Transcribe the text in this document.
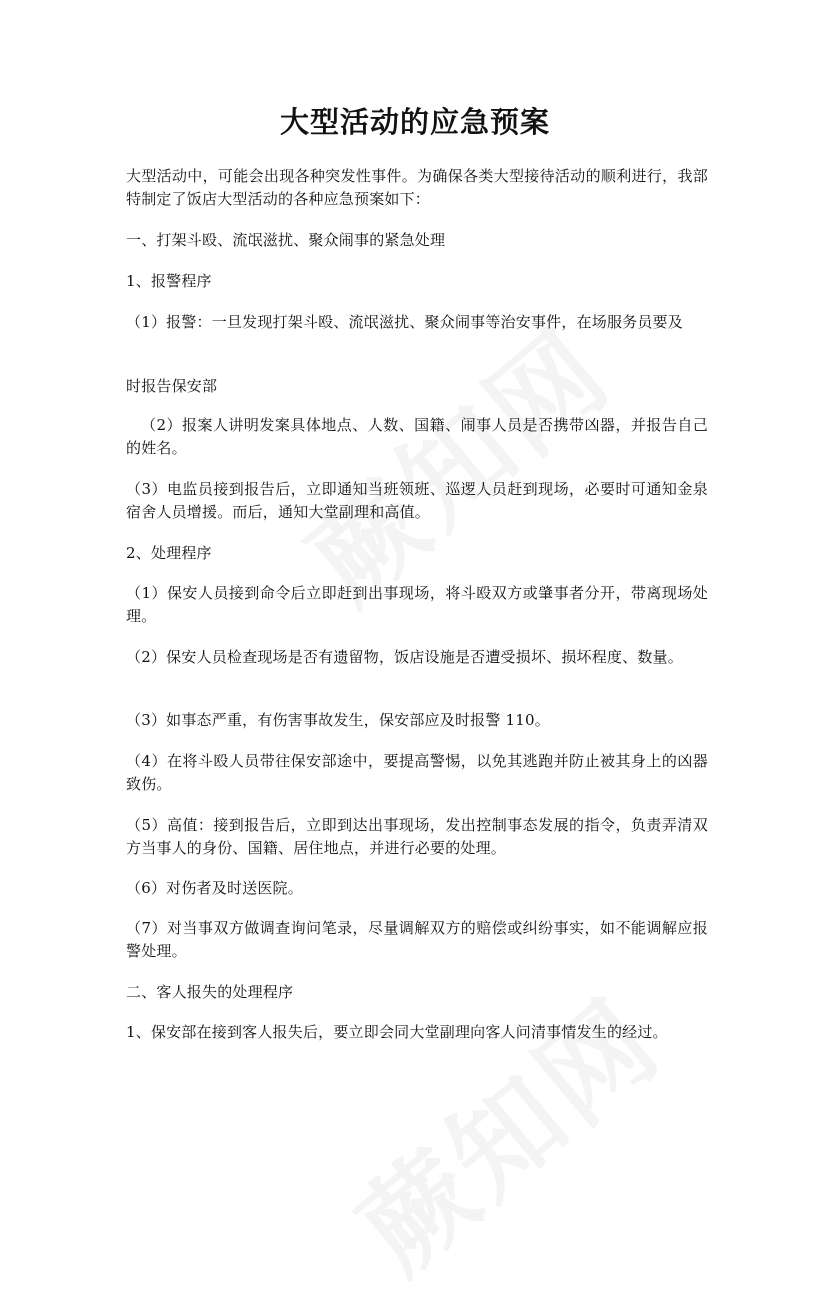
大型活动的应急预案
大型活动中，可能会出现各种突发性事件。为确保各类大型接待活动的顺利进行，我部特制定了饭店大型活动的各种应急预案如下：
一、打架斗殴、流氓滋扰、聚众闹事的紧急处理
1、报警程序
（1）报警：一旦发现打架斗殴、流氓滋扰、聚众闹事等治安事件，在场服务员要及
时报告保安部
（2）报案人讲明发案具体地点、人数、国籍、闹事人员是否携带凶器，并报告自己的姓名。
（3）电监员接到报告后，立即通知当班领班、巡逻人员赶到现场，必要时可通知金泉宿舍人员增援。而后，通知大堂副理和高值。
2、处理程序
（1）保安人员接到命令后立即赶到出事现场，将斗殴双方或肇事者分开，带离现场处理。
（2）保安人员检查现场是否有遗留物，饭店设施是否遭受损坏、损坏程度、数量。
（3）如事态严重，有伤害事故发生，保安部应及时报警 110。
（4）在将斗殴人员带往保安部途中，要提高警惕，以免其逃跑并防止被其身上的凶器致伤。
（5）高值：接到报告后，立即到达出事现场，发出控制事态发展的指令，负责弄清双方当事人的身份、国籍、居住地点，并进行必要的处理。
（6）对伤者及时送医院。
（7）对当事双方做调查询问笔录，尽量调解双方的赔偿或纠纷事实，如不能调解应报警处理。
二、客人报失的处理程序
1、保安部在接到客人报失后，要立即会同大堂副理向客人问清事情发生的经过。
